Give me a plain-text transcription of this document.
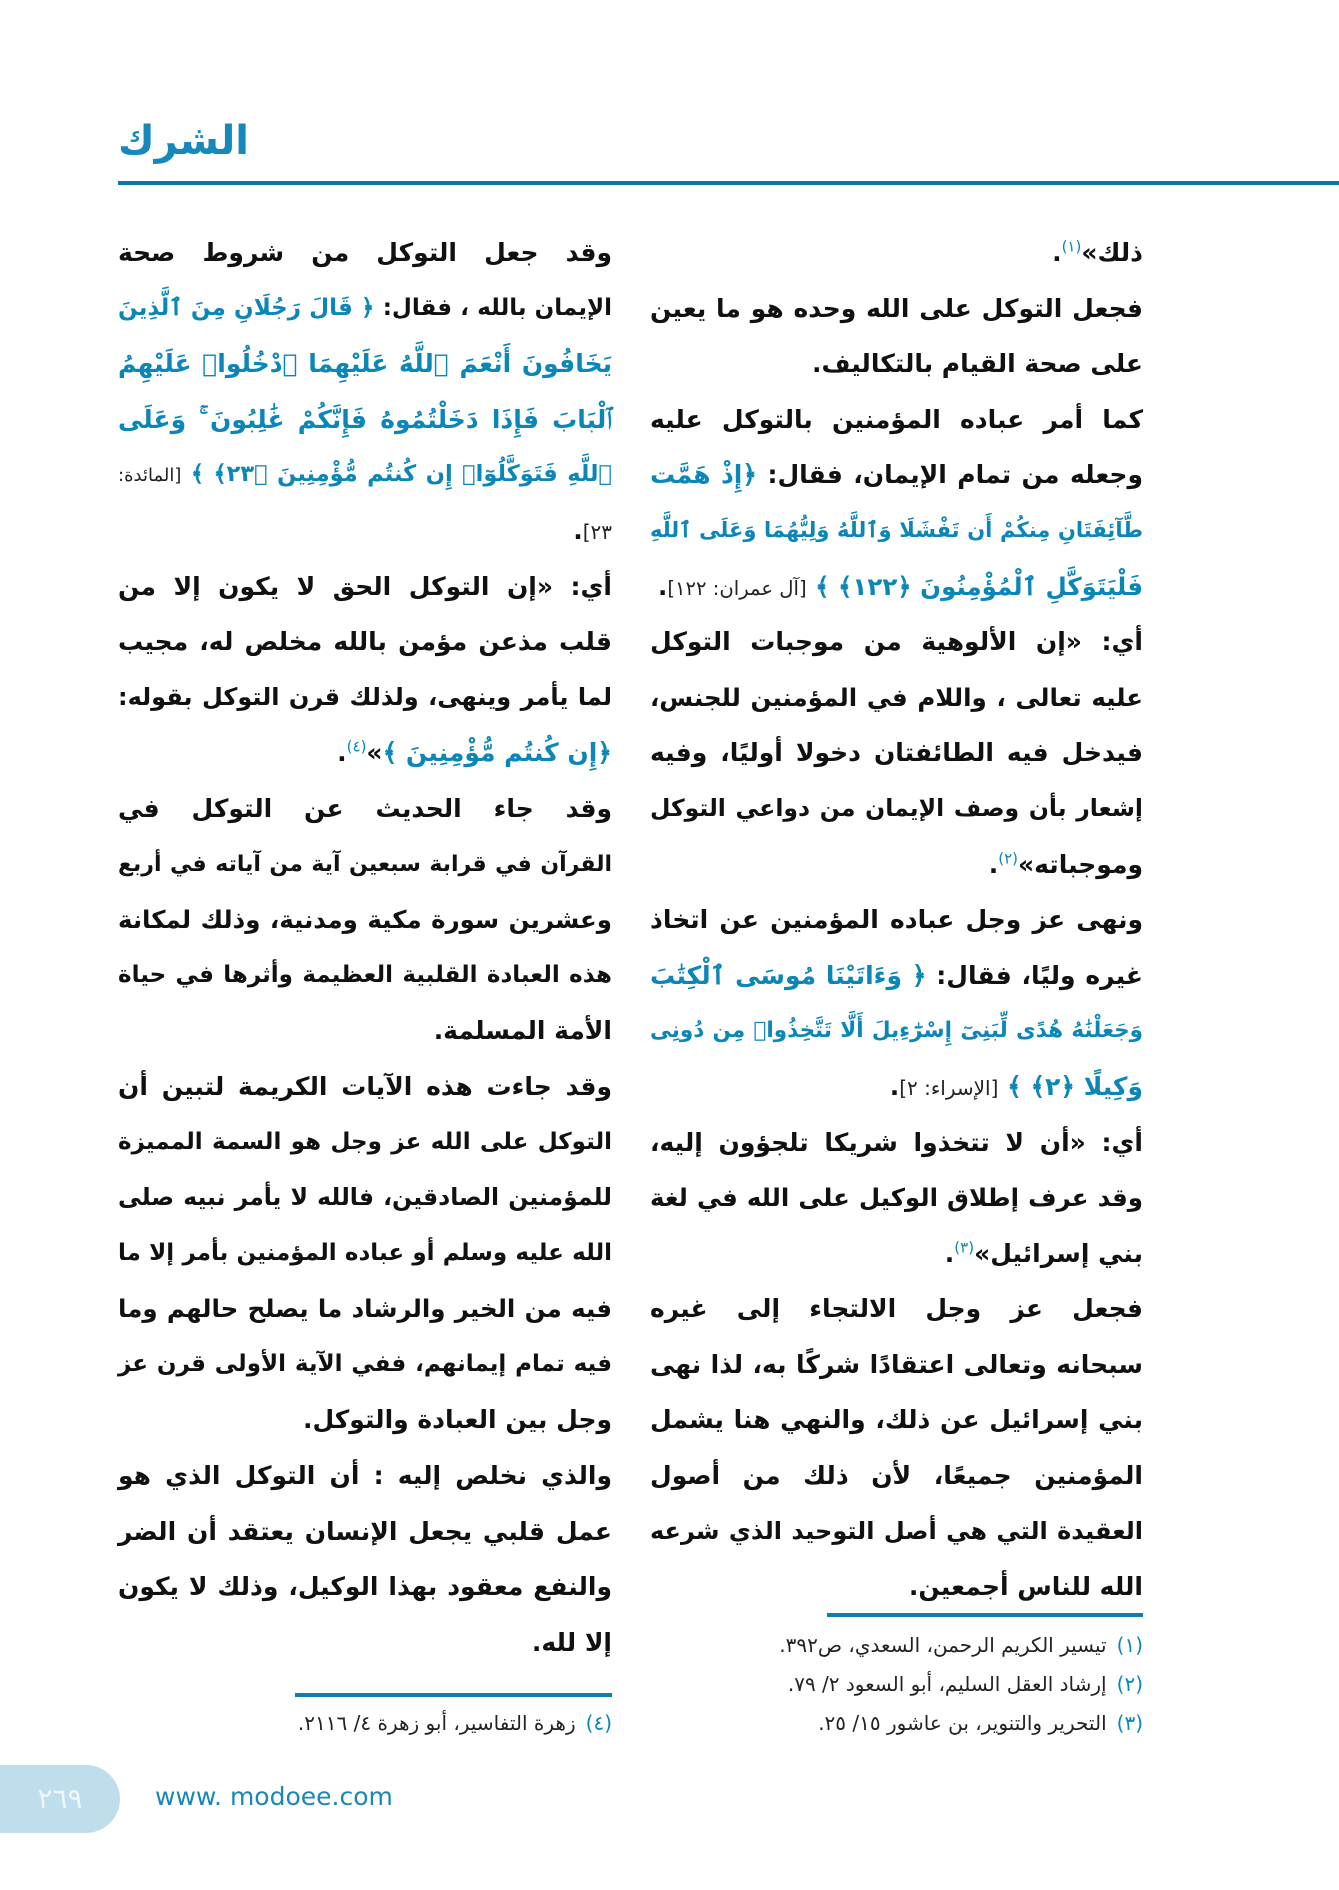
الشرك
ذلك»$^{(١)}$.
فجعل التوكل على الله وحده هو ما يعين
على صحة القيام بالتكاليف.
كما أمر عباده المؤمنين بالتوكل عليه
وجعله من تمام الإيمان، فقال: ﴿إِذْ هَمَّت
طَّآئِفَتَانِ مِنكُمْ أَن تَفْشَلَا وَٱللَّهُ وَلِيُّهُمَا وَعَلَى ٱللَّهِ
فَلْيَتَوَكَّلِ ٱلْمُؤْمِنُونَ ﴿١٢٢﴾ ﴾ [آل عمران: ١٢٢].
أي: «إن الألوهية من موجبات التوكل
عليه تعالى ، واللام في المؤمنين للجنس،
فيدخل فيه الطائفتان دخولا أوليًا، وفيه
إشعار بأن وصف الإيمان من دواعي التوكل
وموجباته»$^{(٢)}$.
ونهى عز وجل عباده المؤمنين عن اتخاذ
غيره وليًا، فقال: ﴿ وَءَاتَيْنَا مُوسَى ٱلْكِتَٰبَ
وَجَعَلْنَٰهُ هُدًى لِّبَنِىٓ إِسْرَٰٓءِيلَ أَلَّا تَتَّخِذُوا۟ مِن دُونِى
وَكِيلًا ﴿٢﴾ ﴾ [الإسراء: ٢].
أي: «أن لا تتخذوا شريكا تلجؤون إليه،
وقد عرف إطلاق الوكيل على الله في لغة
بني إسرائيل»$^{(٣)}$.
فجعل عز وجل الالتجاء إلى غيره
سبحانه وتعالى اعتقادًا شركًا به، لذا نهى
بني إسرائيل عن ذلك، والنهي هنا يشمل
المؤمنين جميعًا، لأن ذلك من أصول
العقيدة التي هي أصل التوحيد الذي شرعه
الله للناس أجمعين.
وقد جعل التوكل من شروط صحة
الإيمان بالله ، فقال: ﴿ قَالَ رَجُلَانِ مِنَ ٱلَّذِينَ
يَخَافُونَ أَنْعَمَ ٱللَّهُ عَلَيْهِمَا ٱدْخُلُوا۟ عَلَيْهِمُ
ٱلْبَابَ فَإِذَا دَخَلْتُمُوهُ فَإِنَّكُمْ غَٰلِبُونَ ۚ وَعَلَى
ٱللَّهِ فَتَوَكَّلُوٓا۟ إِن كُنتُم مُّؤْمِنِينَ ﴿٢٣﴾ ﴾ [المائدة:
٢٣].
أي: «إن التوكل الحق لا يكون إلا من
قلب مذعن مؤمن بالله مخلص له، مجيب
لما يأمر وينهى، ولذلك قرن التوكل بقوله:
﴿إِن كُنتُم مُّؤْمِنِينَ ﴾»$^{(٤)}$.
وقد جاء الحديث عن التوكل في
القرآن في قرابة سبعين آية من آياته في أربع
وعشرين سورة مكية ومدنية، وذلك لمكانة
هذه العبادة القلبية العظيمة وأثرها في حياة
الأمة المسلمة.
وقد جاءت هذه الآيات الكريمة لتبين أن
التوكل على الله عز وجل هو السمة المميزة
للمؤمنين الصادقين، فالله لا يأمر نبيه صلى
الله عليه وسلم أو عباده المؤمنين بأمر إلا ما
فيه من الخير والرشاد ما يصلح حالهم وما
فيه تمام إيمانهم، ففي الآية الأولى قرن عز
وجل بين العبادة والتوكل.
والذي نخلص إليه : أن التوكل الذي هو
عمل قلبي يجعل الإنسان يعتقد أن الضر
والنفع معقود بهذا الوكيل، وذلك لا يكون
إلا لله.	(١)تيسير الكريم الرحمن، السعدي، ص٣٩٢.
(٢)إرشاد العقل السليم، أبو السعود ٢/ ٧٩.
(٣)التحرير والتنوير، بن عاشور ١٥/ ٢٥.
(٤)زهرة التفاسير، أبو زهرة ٤/ ٢١١٦.
٢٦٩	www. modoee.com
